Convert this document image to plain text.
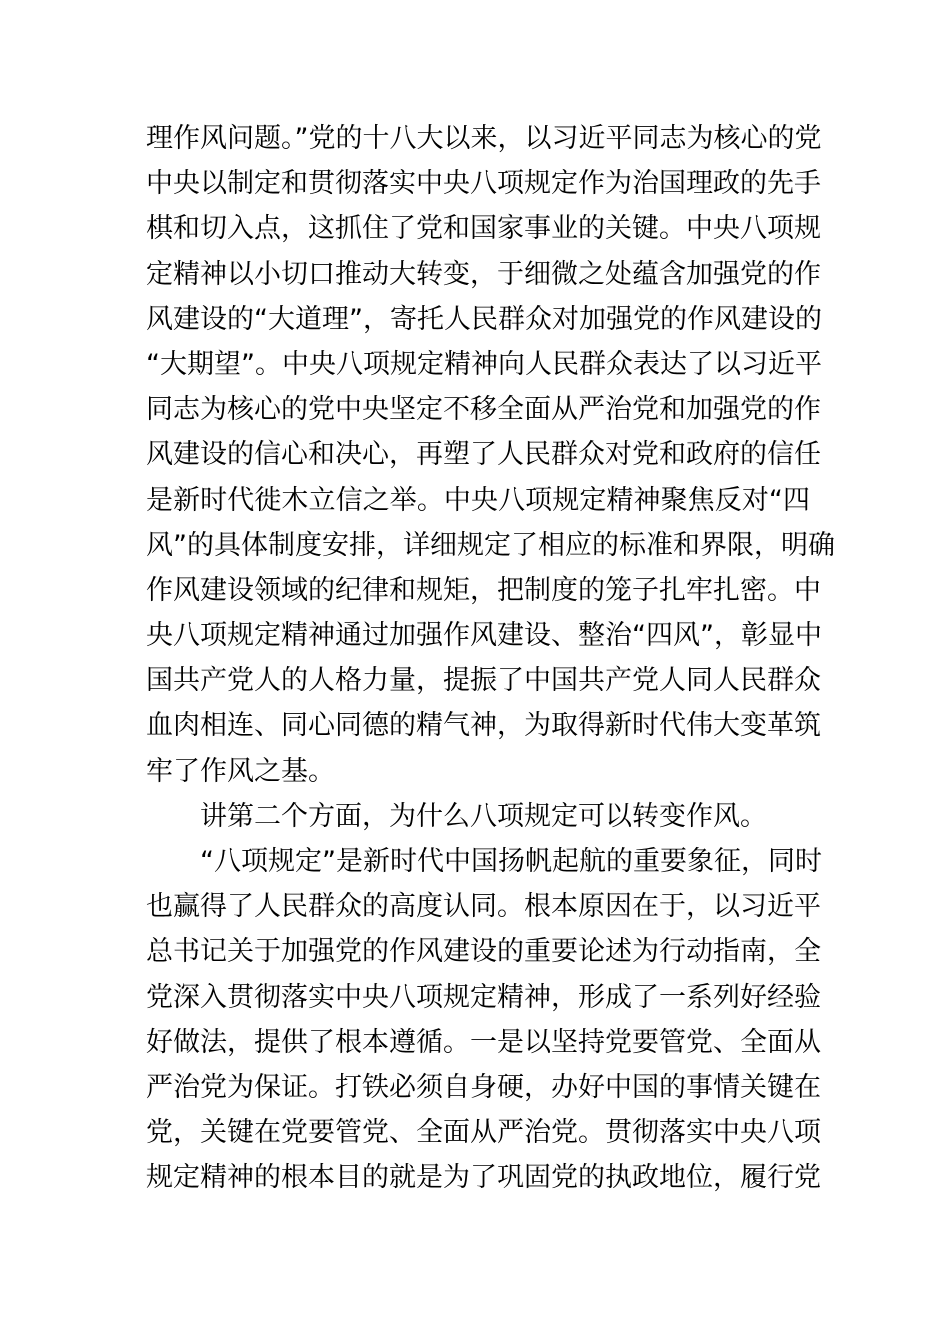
理作风问题。”党的十八大以来，以习近平同志为核心的党
中央以制定和贯彻落实中央八项规定作为治国理政的先手
棋和切入点，这抓住了党和国家事业的关键。中央八项规
定精神以小切口推动大转变，于细微之处蕴含加强党的作
风建设的“大道理”，寄托人民群众对加强党的作风建设的
“大期望”。中央八项规定精神向人民群众表达了以习近平
同志为核心的党中央坚定不移全面从严治党和加强党的作
风建设的信心和决心，再塑了人民群众对党和政府的信任
是新时代徙木立信之举。中央八项规定精神聚焦反对“四
风”的具体制度安排，详细规定了相应的标准和界限，明确
作风建设领域的纪律和规矩，把制度的笼子扎牢扎密。中
央八项规定精神通过加强作风建设、整治“四风”，彰显中
国共产党人的人格力量，提振了中国共产党人同人民群众
血肉相连、同心同德的精气神，为取得新时代伟大变革筑
牢了作风之基。
讲第二个方面，为什么八项规定可以转变作风。
“八项规定”是新时代中国扬帆起航的重要象征，同时
也赢得了人民群众的高度认同。根本原因在于，以习近平
总书记关于加强党的作风建设的重要论述为行动指南，全
党深入贯彻落实中央八项规定精神，形成了一系列好经验
好做法，提供了根本遵循。一是以坚持党要管党、全面从
严治党为保证。打铁必须自身硬，办好中国的事情关键在
党，关键在党要管党、全面从严治党。贯彻落实中央八项
规定精神的根本目的就是为了巩固党的执政地位，履行党
